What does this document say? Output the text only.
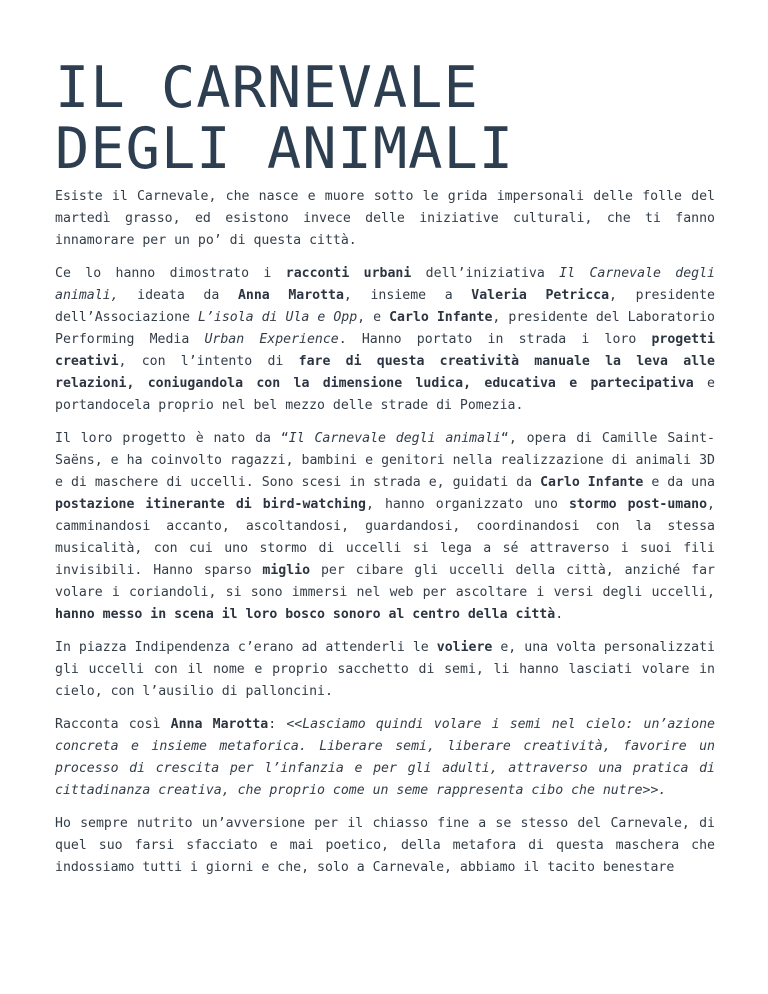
IL CARNEVALE
DEGLI ANIMALI

Esiste il Carnevale, che nasce e muore sotto le grida impersonali delle folle del martedì grasso, ed esistono invece delle iniziative culturali, che ti fanno innamorare per un po’ di questa città.

Ce lo hanno dimostrato i racconti urbani dell’iniziativa Il Carnevale degli animali, ideata da Anna Marotta, insieme a Valeria Petricca, presidente dell’Associazione L’isola di Ula e Opp, e Carlo Infante, presidente del Laboratorio Performing Media Urban Experience. Hanno portato in strada i loro progetti creativi, con l’intento di fare di questa creatività manuale la leva alle relazioni, coniugandola con la dimensione ludica, educativa e partecipativa e portandocela proprio nel bel mezzo delle strade di Pomezia.

Il loro progetto è nato da “Il Carnevale degli animali“, opera di Camille Saint-Saëns, e ha coinvolto ragazzi, bambini e genitori nella realizzazione di animali 3D e di maschere di uccelli. Sono scesi in strada e, guidati da Carlo Infante e da una postazione itinerante di bird-watching, hanno organizzato uno stormo post-umano, camminandosi accanto, ascoltandosi, guardandosi, coordinandosi con la stessa musicalità, con cui uno stormo di uccelli si lega a sé attraverso i suoi fili invisibili. Hanno sparso miglio per cibare gli uccelli della città, anziché far volare i coriandoli, si sono immersi nel web per ascoltare i versi degli uccelli, hanno messo in scena il loro bosco sonoro al centro della città.

In piazza Indipendenza c’erano ad attenderli le voliere e, una volta personalizzati gli uccelli con il nome e proprio sacchetto di semi, li hanno lasciati volare in cielo, con l’ausilio di palloncini.

Racconta così Anna Marotta: <<Lasciamo quindi volare i semi nel cielo: un’azione concreta e insieme metaforica. Liberare semi, liberare creatività, favorire un processo di crescita per l’infanzia e per gli adulti, attraverso una pratica di cittadinanza creativa, che proprio come un seme rappresenta cibo che nutre>>.

Ho sempre nutrito un’avversione per il chiasso fine a se stesso del Carnevale, di quel suo farsi sfacciato e mai poetico, della metafora di questa maschera che indossiamo tutti i giorni e che, solo a Carnevale, abbiamo il tacito benestare
